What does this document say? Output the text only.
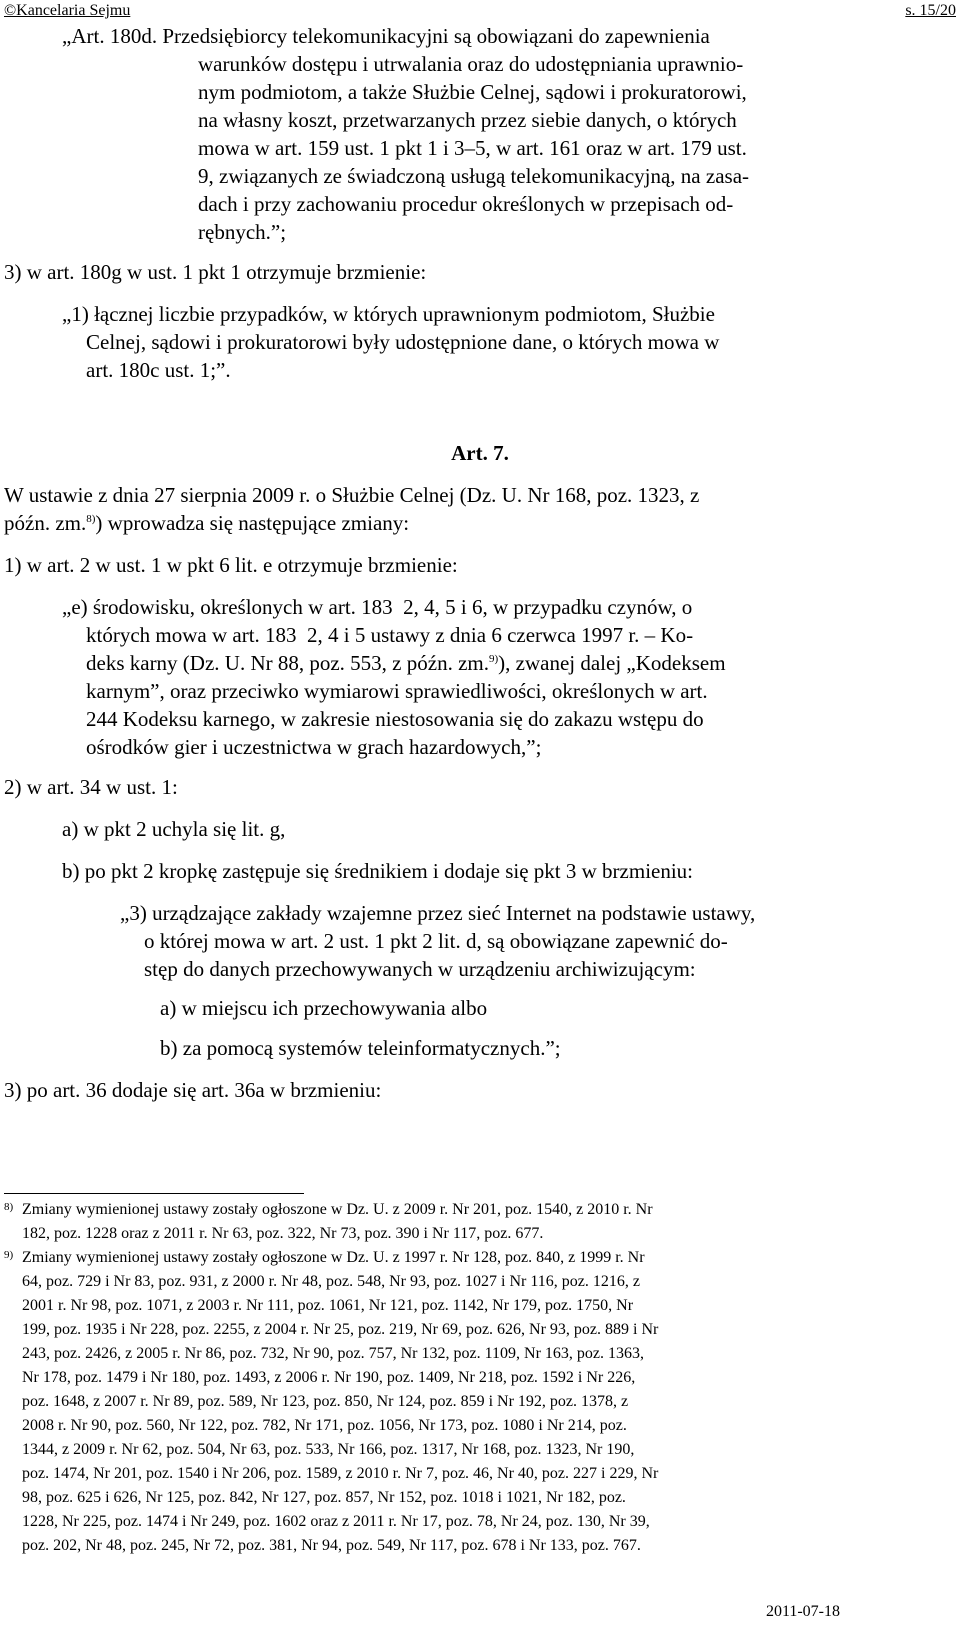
©Kancelaria Sejmu	s. 15/20
„Art. 180d. Przedsiębiorcy telekomunikacyjni są obowiązani do zapewnienia
warunków dostępu i utrwalania oraz do udostępniania uprawnio-
nym podmiotom, a także Służbie Celnej, sądowi i prokuratorowi,
na własny koszt, przetwarzanych przez siebie danych, o których
mowa w art. 159 ust. 1 pkt 1 i 3–5, w art. 161 oraz w art. 179 ust.
9, związanych ze świadczoną usługą telekomunikacyjną, na zasa-
dach i przy zachowaniu procedur określonych w przepisach od-
rębnych.”;
3) w art. 180g w ust. 1 pkt 1 otrzymuje brzmienie:
„1) łącznej liczbie przypadków, w których uprawnionym podmiotom, Służbie
Celnej, sądowi i prokuratorowi były udostępnione dane, o których mowa w
art. 180c ust. 1;”.
Art. 7.
W ustawie z dnia 27 sierpnia 2009 r. o Służbie Celnej (Dz. U. Nr 168, poz. 1323, z
późn. zm.$^{8)}$) wprowadza się następujące zmiany:
1) w art. 2 w ust. 1 w pkt 6 lit. e otrzymuje brzmienie:
„e) środowisku, określonych w art. 183  2, 4, 5 i 6, w przypadku czynów, o
których mowa w art. 183  2, 4 i 5 ustawy z dnia 6 czerwca 1997 r. – Ko-
deks karny (Dz. U. Nr 88, poz. 553, z późn. zm.$^{9)}$), zwanej dalej „Kodeksem
karnym”, oraz przeciwko wymiarowi sprawiedliwości, określonych w art.
244 Kodeksu karnego, w zakresie niestosowania się do zakazu wstępu do
ośrodków gier i uczestnictwa w grach hazardowych,”;
2) w art. 34 w ust. 1:
a) w pkt 2 uchyla się lit. g,
b) po pkt 2 kropkę zastępuje się średnikiem i dodaje się pkt 3 w brzmieniu:
„3) urządzające zakłady wzajemne przez sieć Internet na podstawie ustawy,
o której mowa w art. 2 ust. 1 pkt 2 lit. d, są obowiązane zapewnić do-
stęp do danych przechowywanych w urządzeniu archiwizującym:
a) w miejscu ich przechowywania albo
b) za pomocą systemów teleinformatycznych.”;
3) po art. 36 dodaje się art. 36a w brzmieniu:
8) Zmiany wymienionej ustawy zostały ogłoszone w Dz. U. z 2009 r. Nr 201, poz. 1540, z 2010 r. Nr
182, poz. 1228 oraz z 2011 r. Nr 63, poz. 322, Nr 73, poz. 390 i Nr 117, poz. 677.
9) Zmiany wymienionej ustawy zostały ogłoszone w Dz. U. z 1997 r. Nr 128, poz. 840, z 1999 r. Nr
64, poz. 729 i Nr 83, poz. 931, z 2000 r. Nr 48, poz. 548, Nr 93, poz. 1027 i Nr 116, poz. 1216, z
2001 r. Nr 98, poz. 1071, z 2003 r. Nr 111, poz. 1061, Nr 121, poz. 1142, Nr 179, poz. 1750, Nr
199, poz. 1935 i Nr 228, poz. 2255, z 2004 r. Nr 25, poz. 219, Nr 69, poz. 626, Nr 93, poz. 889 i Nr
243, poz. 2426, z 2005 r. Nr 86, poz. 732, Nr 90, poz. 757, Nr 132, poz. 1109, Nr 163, poz. 1363,
Nr 178, poz. 1479 i Nr 180, poz. 1493, z 2006 r. Nr 190, poz. 1409, Nr 218, poz. 1592 i Nr 226,
poz. 1648, z 2007 r. Nr 89, poz. 589, Nr 123, poz. 850, Nr 124, poz. 859 i Nr 192, poz. 1378, z
2008 r. Nr 90, poz. 560, Nr 122, poz. 782, Nr 171, poz. 1056, Nr 173, poz. 1080 i Nr 214, poz.
1344, z 2009 r. Nr 62, poz. 504, Nr 63, poz. 533, Nr 166, poz. 1317, Nr 168, poz. 1323, Nr 190,
poz. 1474, Nr 201, poz. 1540 i Nr 206, poz. 1589, z 2010 r. Nr 7, poz. 46, Nr 40, poz. 227 i 229, Nr
98, poz. 625 i 626, Nr 125, poz. 842, Nr 127, poz. 857, Nr 152, poz. 1018 i 1021, Nr 182, poz.
1228, Nr 225, poz. 1474 i Nr 249, poz. 1602 oraz z 2011 r. Nr 17, poz. 78, Nr 24, poz. 130, Nr 39,
poz. 202, Nr 48, poz. 245, Nr 72, poz. 381, Nr 94, poz. 549, Nr 117, poz. 678 i Nr 133, poz. 767.
2011-07-18
